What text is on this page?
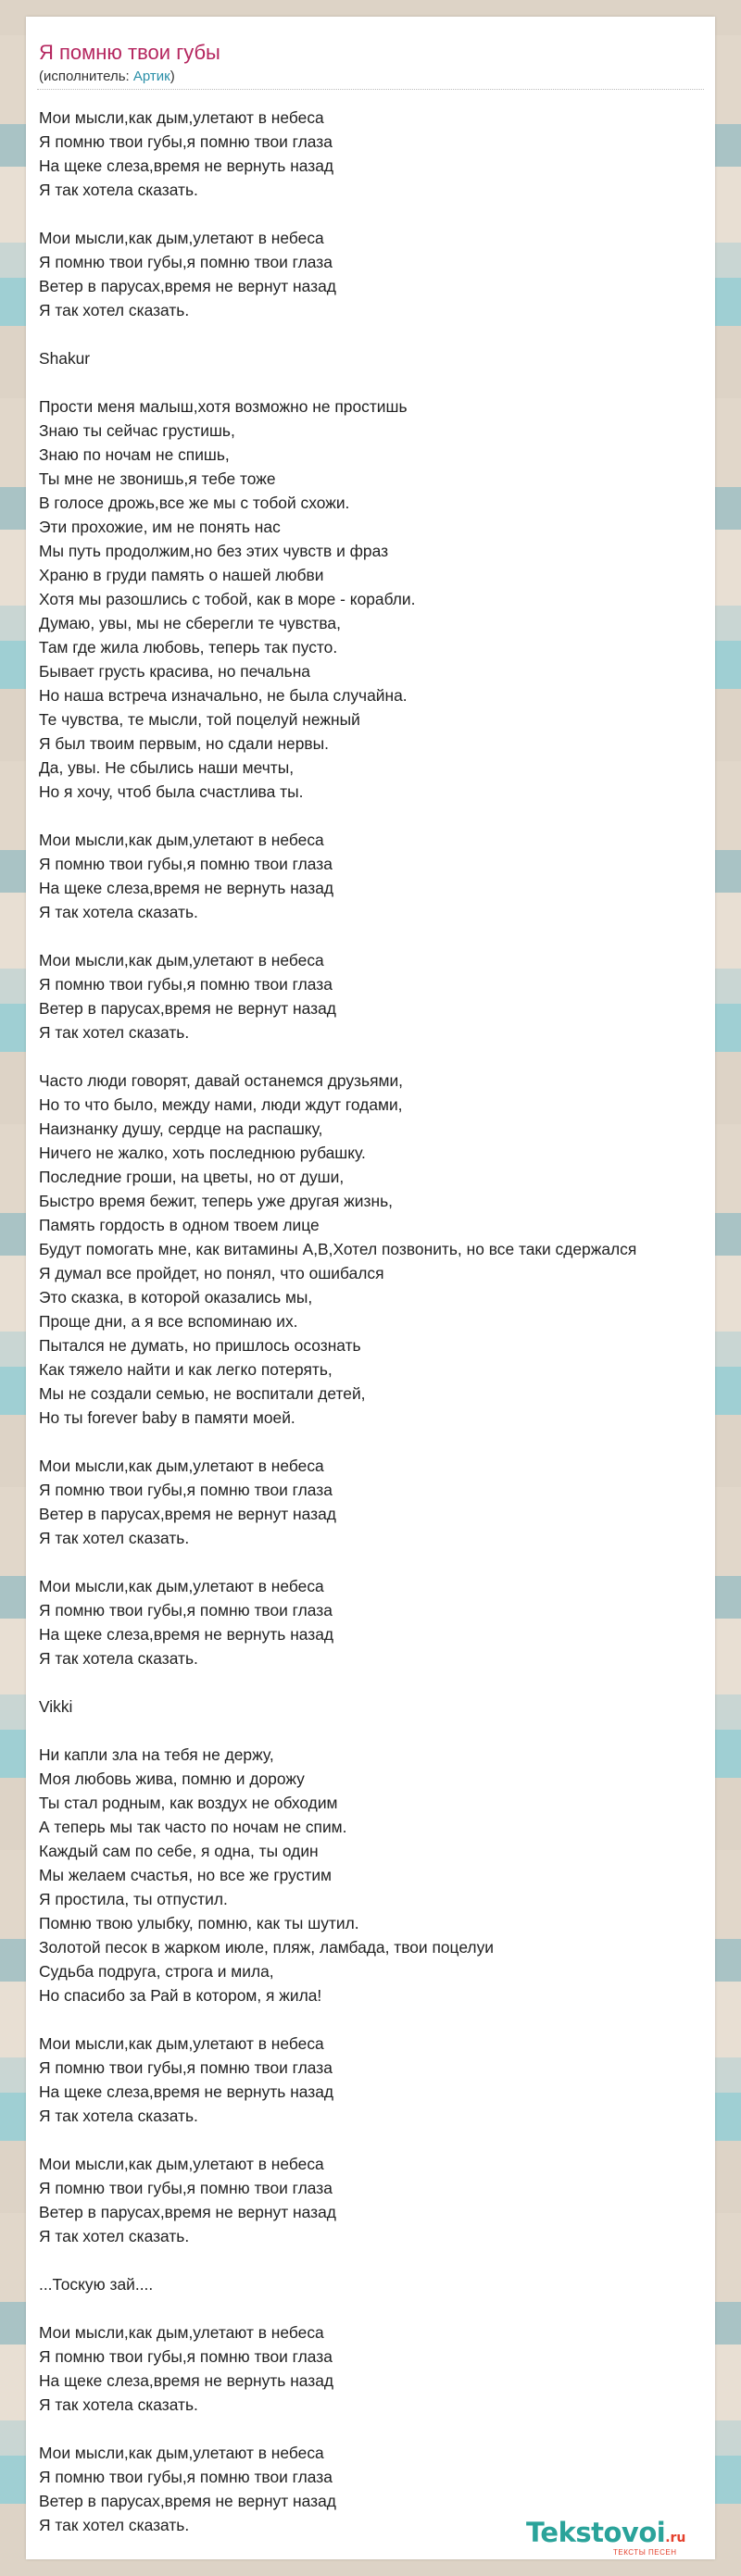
Я помню твои губы
(исполнитель: Артик)
Мои мысли,как дым,улетают в небеса
Я помню твои губы,я помню твои глаза
На щеке слеза,время не вернуть назад
Я так хотела сказать.

Мои мысли,как дым,улетают в небеса
Я помню твои губы,я помню твои глаза
Ветер в парусах,время не вернут назад
Я так хотел сказать.

Shakur

Прости меня малыш,хотя возможно не простишь
Знаю ты сейчас грустишь,
Знаю по ночам не спишь,
Ты мне не звонишь,я тебе тоже
В голосе дрожь,все же мы с тобой схожи.
Эти прохожие, им не понять нас
Мы путь продолжим,но без этих чувств и фраз
Храню в груди память о нашей любви
Хотя мы разошлись с тобой, как в море - корабли.
Думаю, увы, мы не сберегли те чувства,
Там где жила любовь, теперь так пусто.
Бывает грусть красива, но печальна
Но наша встреча изначально, не была случайна.
Те чувства, те мысли, той поцелуй нежный
Я был твоим первым, но сдали нервы.
Да, увы. Не сбылись наши мечты,
Но я хочу, чтоб была счастлива ты.

Мои мысли,как дым,улетают в небеса
Я помню твои губы,я помню твои глаза
На щеке слеза,время не вернуть назад
Я так хотела сказать.

Мои мысли,как дым,улетают в небеса
Я помню твои губы,я помню твои глаза
Ветер в парусах,время не вернут назад
Я так хотел сказать.

Часто люди говорят, давай останемся друзьями,
Но то что было, между нами, люди ждут годами,
Наизнанку душу, сердце на распашку,
Ничего не жалко, хоть последнюю рубашку.
Последние гроши, на цветы, но от души,
Быстро время бежит, теперь уже другая жизнь,
Память гордость в одном твоем лице
Будут помогать мне, как витамины А,В,Хотел позвонить, но все таки сдержался
Я думал все пройдет, но понял, что ошибался
Это сказка, в которой оказались мы,
Проще дни, а я все вспоминаю их.
Пытался не думать, но пришлось осознать
Как тяжело найти и как легко потерять,
Мы не создали семью, не воспитали детей,
Но ты forever baby в памяти моей.

Мои мысли,как дым,улетают в небеса
Я помню твои губы,я помню твои глаза
Ветер в парусах,время не вернут назад
Я так хотел сказать.

Мои мысли,как дым,улетают в небеса
Я помню твои губы,я помню твои глаза
На щеке слеза,время не вернуть назад
Я так хотела сказать.

Vikki

Ни капли зла на тебя не держу,
Моя любовь жива, помню и дорожу
Ты стал родным, как воздух не обходим
А теперь мы так часто по ночам не спим.
Каждый сам по себе, я одна, ты один
Мы желаем счастья, но все же грустим
Я простила, ты отпустил.
Помню твою улыбку, помню, как ты шутил.
Золотой песок в жарком июле, пляж, ламбада, твои поцелуи
Судьба подруга, строга и мила,
Но спасибо за Рай в котором, я жила!

Мои мысли,как дым,улетают в небеса
Я помню твои губы,я помню твои глаза
На щеке слеза,время не вернуть назад
Я так хотела сказать.

Мои мысли,как дым,улетают в небеса
Я помню твои губы,я помню твои глаза
Ветер в парусах,время не вернут назад
Я так хотел сказать.

...Тоскую зай....

Мои мысли,как дым,улетают в небеса
Я помню твои губы,я помню твои глаза
На щеке слеза,время не вернуть назад
Я так хотела сказать.

Мои мысли,как дым,улетают в небеса
Я помню твои губы,я помню твои глаза
Ветер в парусах,время не вернут назад
Я так хотел сказать.	Tekstovoi.ru
ТЕКСТЫ ПЕСЕН
